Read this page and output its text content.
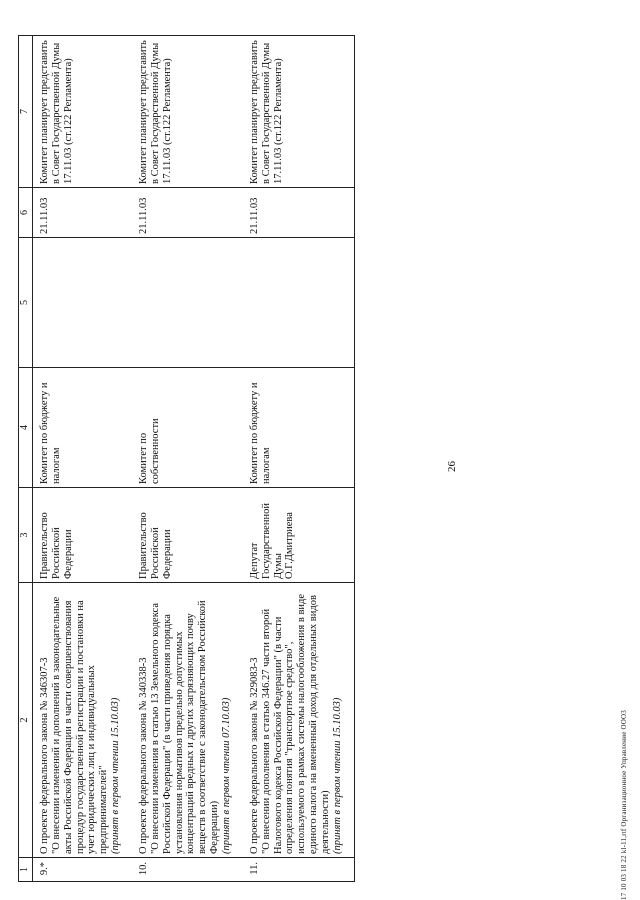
26
1	2	3	4	5	6	7
9.*	О проекте федерального закона № 346307-3 "О внесении изменений и дополнений в законодательные акты Российской Федерации в части совершенствования процедур государственной регистрации и постановки на учет юридических лиц и индивидуальных предпринимателей" (принят в первом чтении 15.10.03)	Правительство Российской Федерации	Комитет по бюджету и налогам		21.11.03	Комитет планирует представить в Совет Государственной Думы 17.11.03 (ст.122 Регламента)
10.	О проекте федерального закона № 340338-3 "О внесении изменения в статью 13 Земельного кодекса Российской Федерации" (в части приведения порядка установления нормативов предельно допустимых концентраций вредных и других загрязняющих почву веществ в соответствие с законодательством Российской Федерации) (принят в первом чтении 07.10.03)	Правительство Российской Федерации	Комитет по собственности		21.11.03	Комитет планирует представить в Совет Государственной Думы 17.11.03 (ст.122 Регламента)
11.	О проекте федерального закона № 329083-3 "О внесении дополнения в статью 346.27 части второй Налогового кодекса Российской Федерации" (в части определения понятия "транспортное средство", используемого в рамках системы налогообложения в виде единого налога на вмененный доход для отдельных видов деятельности) (принят в первом чтении 15.10.03)	Депутат Государственной Думы О.Г.Дмитриева	Комитет по бюджету и налогам		21.11.03	Комитет планирует представить в Совет Государственной Думы 17.11.03 (ст.122 Регламента)
17 10 03 18 22 kl-11,rtf Организационное Управление ООО3
